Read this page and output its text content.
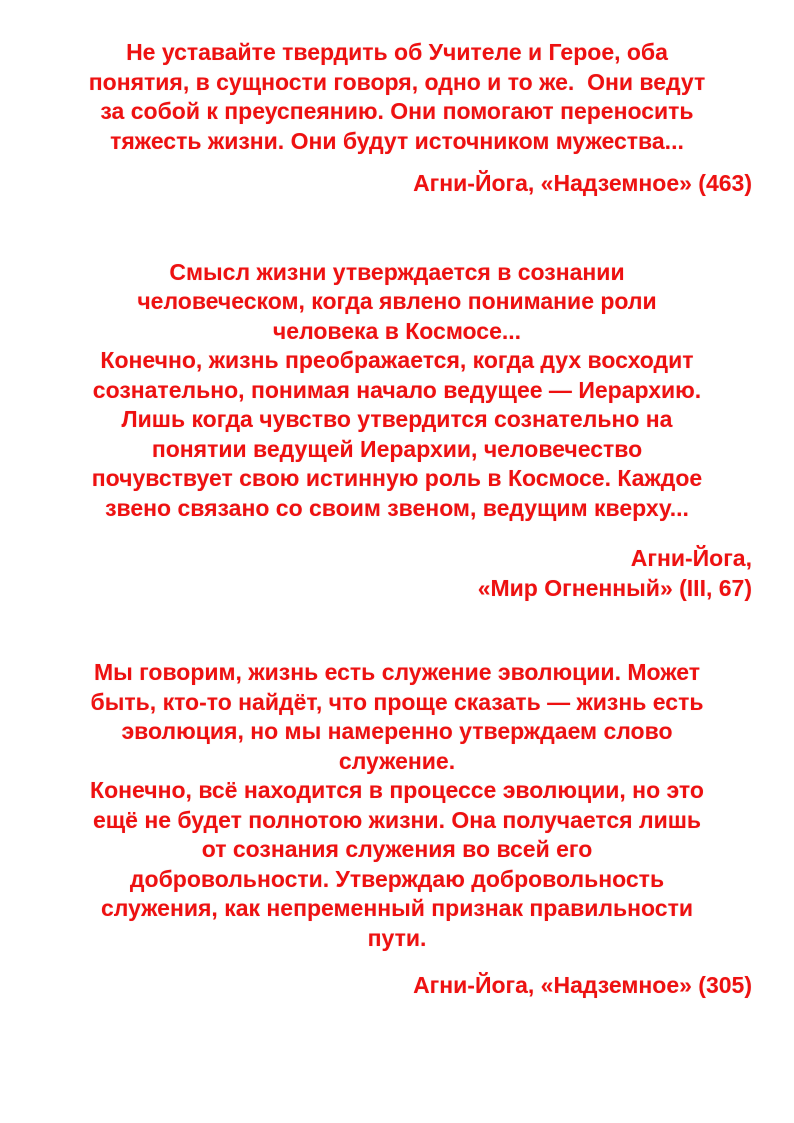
Не уставайте твердить об Учителе и Герое, оба
понятия, в сущности говоря, одно и то же.  Они ведут
за собой к преуспеянию. Они помогают переносить
тяжесть жизни. Они будут источником мужества...
Агни-Йога, «Надземное» (463)
Смысл жизни утверждается в сознании
человеческом, когда явлено понимание роли
человека в Космосе...
Конечно, жизнь преображается, когда дух восходит
сознательно, понимая начало ведущее — Иерархию.
Лишь когда чувство утвердится сознательно на
понятии ведущей Иерархии, человечество
почувствует свою истинную роль в Космосе. Каждое
звено связано со своим звеном, ведущим кверху...
Агни-Йога,
«Мир Огненный» (III, 67)
Мы говорим, жизнь есть служение эволюции. Может
быть, кто-то найдёт, что проще сказать — жизнь есть
эволюция, но мы намеренно утверждаем слово
служение.
Конечно, всё находится в процессе эволюции, но это
ещё не будет полнотою жизни. Она получается лишь
от сознания служения во всей его
добровольности. Утверждаю добровольность
служения, как непременный признак правильности
пути.
Агни-Йога, «Надземное» (305)
